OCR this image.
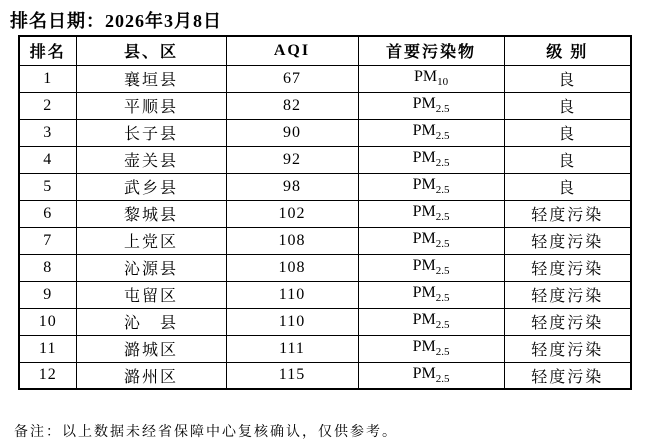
排名日期：2026年3月8日
排名	县、区	AQI	首要污染物	级 别
1	襄垣县	67	$PM_{10}$	良
2	平顺县	82	$PM_{2.5}$	良
3	长子县	90	$PM_{2.5}$	良
4	壶关县	92	$PM_{2.5}$	良
5	武乡县	98	$PM_{2.5}$	良
6	黎城县	102	$PM_{2.5}$	轻度污染
7	上党区	108	$PM_{2.5}$	轻度污染
8	沁源县	108	$PM_{2.5}$	轻度污染
9	屯留区	110	$PM_{2.5}$	轻度污染
10	沁　县	110	$PM_{2.5}$	轻度污染
11	潞城区	111	$PM_{2.5}$	轻度污染
12	潞州区	115	$PM_{2.5}$	轻度污染
备注：以上数据未经省保障中心复核确认，仅供参考。
